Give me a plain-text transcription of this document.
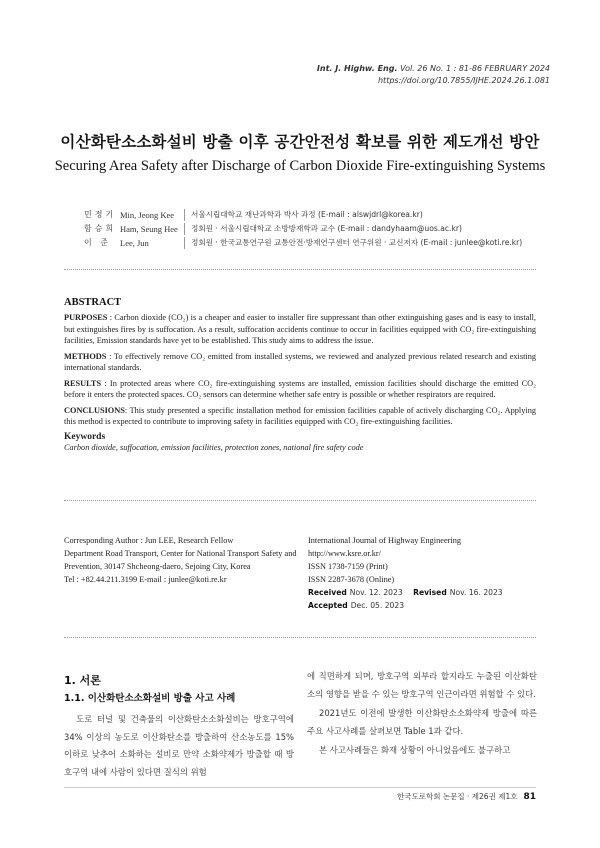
Int. J. Highw. Eng. Vol. 26 No. 1 : 81-86 FEBRUARY 2024
https://doi.org/10.7855/IJHE.2024.26.1.081
이산화탄소소화설비 방출 이후 공간안전성 확보를 위한 제도개선 방안
Securing Area Safety after Discharge of Carbon Dioxide Fire-extinguishing Systems
민정기 Min, Jeong Kee	서울시립대학교 재난과학과 박사 과정 (E-mail : alswjdrl@korea.kr)
함승희 Ham, Seung Hee	정회원 · 서울시립대학교 소방방재학과 교수 (E-mail : dandyhaam@uos.ac.kr)
이 준	Lee, Jun	정회원 · 한국교통연구원 교통안전·방재연구센터 연구위원 · 교신저자 (E-mail : junlee@koti.re.kr)
ABSTRACT

PURPOSES : Carbon dioxide (CO₂) is a cheaper and easier to installer fire suppressant than other extinguishing gases and is easy to install, but extinguishes fires by is suffocation. As a result, suffocation accidents continue to occur in facilities equipped with CO₂ fire-extinguishing facilities, Emission standards have yet to be established. This study aims to address the issue.

METHODS : To effectively remove CO₂ emitted from installed systems, we reviewed and analyzed previous related research and existing international standards.

RESULTS : In protected areas where CO₂ fire-extinguishing systems are installed, emission facilities should discharge the emitted CO₂ before it enters the protected spaces. CO₂ sensors can determine whether safe entry is possible or whether respirators are required.

CONCLUSIONS: This study presented a specific installation method for emission facilities capable of actively discharging CO₂. Applying this method is expected to contribute to improving safety in facilities equipped with CO₂ fire-extinguishing facilities.

Keywords
Carbon dioxide, suffocation, emission facilities, protection zones, national fire safety code
Corresponding Author : Jun LEE, Research Fellow
Department Road Transport, Center for National Transport Safety and
Prevention, 30147 Shcheong-daero, Sejoing City, Korea
Tel : +82.44.211.3199 E-mail : junlee@koti.re.kr
International Journal of Highway Engineering
http://www.ksre.or.kr/
ISSN 1738-7159 (Print)
ISSN 2287-3678 (Online)
Received Nov. 12. 2023 Revised Nov. 16. 2023 Accepted Dec. 05. 2023
1. 서론
1.1. 이산화탄소소화설비 방출 사고 사례
도로 터널 및 건축물의 이산화탄소소화설비는 방호구역에 34% 이상의 농도로 이산화탄소를 방출하여 산소농도를 15% 이하로 낮추어 소화하는 설비로 만약 소화약제가 방출할 때 방호구역 내에 사람이 있다면 질식의 위험

에 직면하게 되며, 방호구역 외부라 할지라도 누출된 이산화탄소의 영향을 받을 수 있는 방호구역 인근이라면 위험할 수 있다.

2021년도 이전에 발생한 이산화탄소소화약제 방출에 따른 주요 사고사례를 살펴보면 Table 1과 같다.

본 사고사례들은 화재 상황이 아니었음에도 불구하고

한국도로학회 논문집 · 제26권 제1호 81
